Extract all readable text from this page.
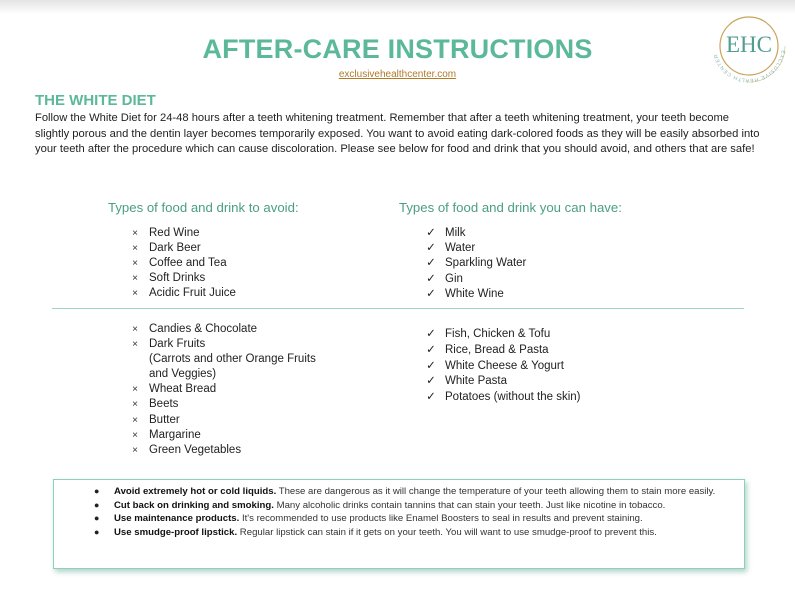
AFTER-CARE INSTRUCTIONS
exclusivehealthcenter.com
EXCLUSIVE HEALTH CENTER EHC
THE WHITE DIET
Follow the White Diet for 24-48 hours after a teeth whitening treatment. Remember that after a teeth whitening treatment, your teeth become slightly porous and the dentin layer becomes temporarily exposed. You want to avoid eating dark-colored foods as they will be easily absorbed into your teeth after the procedure which can cause discoloration. Please see below for food and drink that you should avoid, and others that are safe!
Types of food and drink to avoid:	Types of food and drink you can have:
× Red Wine
× Dark Beer
× Coffee and Tea
× Soft Drinks
× Acidic Fruit Juice
✓ Milk
✓ Water
✓ Sparkling Water
✓ Gin
✓ White Wine
× Candies & Chocolate
× Dark Fruits
(Carrots and other Orange Fruits
and Veggies)
× Wheat Bread
× Beets
× Butter
× Margarine
× Green Vegetables
✓ Fish, Chicken & Tofu
✓ Rice, Bread & Pasta
✓ White Cheese & Yogurt
✓ White Pasta
✓ Potatoes (without the skin)
● Avoid extremely hot or cold liquids. These are dangerous as it will change the temperature of your teeth allowing them to stain more easily.
● Cut back on drinking and smoking. Many alcoholic drinks contain tannins that can stain your teeth. Just like nicotine in tobacco.
● Use maintenance products. It's recommended to use products like Enamel Boosters to seal in results and prevent staining.
● Use smudge-proof lipstick. Regular lipstick can stain if it gets on your teeth. You will want to use smudge-proof to prevent this.
